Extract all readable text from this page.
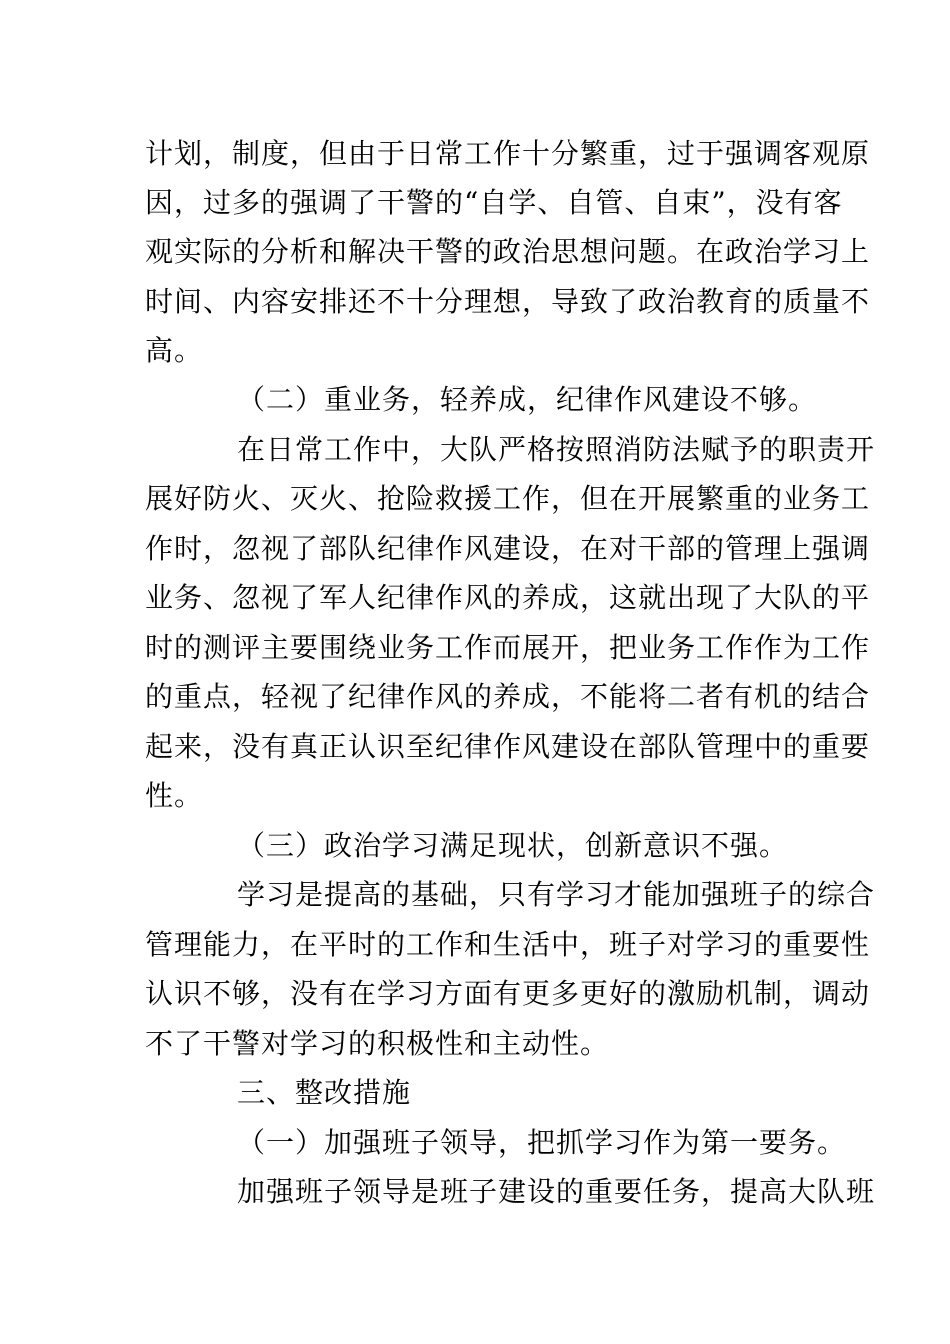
计划，制度，但由于日常工作十分繁重，过于强调客观原
因，过多的强调了干警的“自学、自管、自束”，没有客
观实际的分析和解决干警的政治思想问题。在政治学习上
时间、内容安排还不十分理想，导致了政治教育的质量不
高。
（二）重业务，轻养成，纪律作风建设不够。
在日常工作中，大队严格按照消防法赋予的职责开
展好防火、灭火、抢险救援工作，但在开展繁重的业务工
作时，忽视了部队纪律作风建设，在对干部的管理上强调
业务、忽视了军人纪律作风的养成，这就出现了大队的平
时的测评主要围绕业务工作而展开，把业务工作作为工作
的重点，轻视了纪律作风的养成，不能将二者有机的结合
起来，没有真正认识至纪律作风建设在部队管理中的重要
性。
（三）政治学习满足现状，创新意识不强。
学习是提高的基础，只有学习才能加强班子的综合
管理能力，在平时的工作和生活中，班子对学习的重要性
认识不够，没有在学习方面有更多更好的激励机制，调动
不了干警对学习的积极性和主动性。
三、整改措施
（一）加强班子领导，把抓学习作为第一要务。
加强班子领导是班子建设的重要任务，提高大队班
